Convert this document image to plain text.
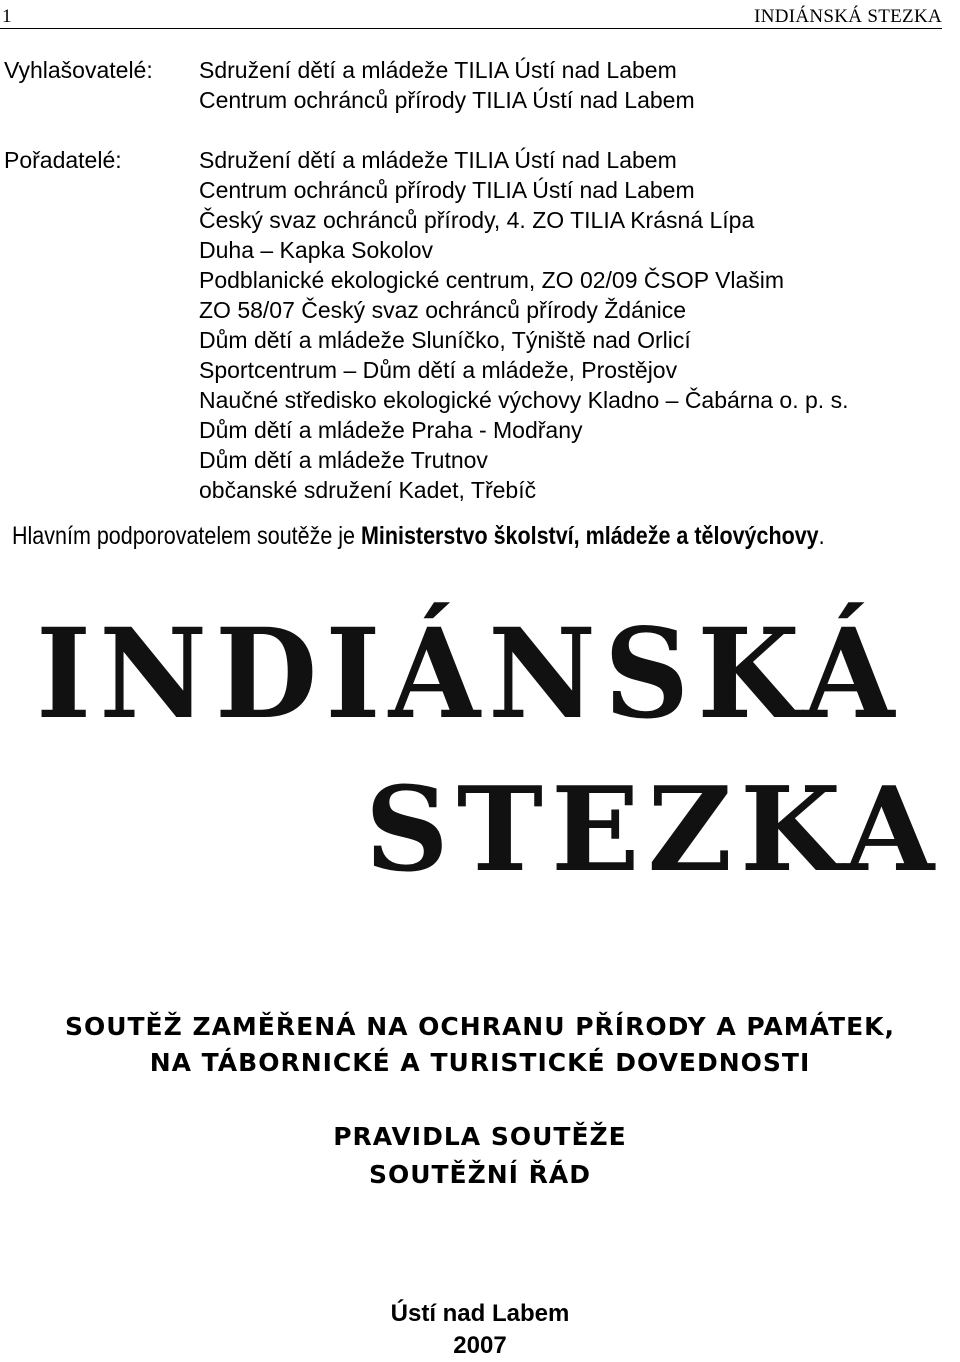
1	INDIÁNSKÁ STEZKA
Vyhlašovatelé:	Sdružení dětí a mládeže TILIA Ústí nad Labem
Centrum ochránců přírody TILIA Ústí nad Labem
Pořadatelé:	Sdružení dětí a mládeže TILIA Ústí nad Labem
Centrum ochránců přírody TILIA Ústí nad Labem
Český svaz ochránců přírody, 4. ZO TILIA Krásná Lípa
Duha – Kapka Sokolov
Podblanické ekologické centrum, ZO 02/09 ČSOP Vlašim
ZO 58/07 Český svaz ochránců přírody Ždánice
Dům dětí a mládeže Sluníčko, Týniště nad Orlicí
Sportcentrum – Dům dětí a mládeže, Prostějov
Naučné středisko ekologické výchovy Kladno – Čabárna o. p. s.
Dům dětí a mládeže Praha - Modřany
Dům dětí a mládeže Trutnov
občanské sdružení Kadet, Třebíč
Hlavním podporovatelem soutěže je Ministerstvo školství, mládeže a tělovýchovy.
INDIÁNSKÁ
STEZKA
SOUTĚŽ ZAMĚŘENÁ NA OCHRANU PŘÍRODY A PAMÁTEK,
NA TÁBORNICKÉ A TURISTICKÉ DOVEDNOSTI
PRAVIDLA SOUTĚŽE
SOUTĚŽNÍ ŘÁD
Ústí nad Labem
2007
